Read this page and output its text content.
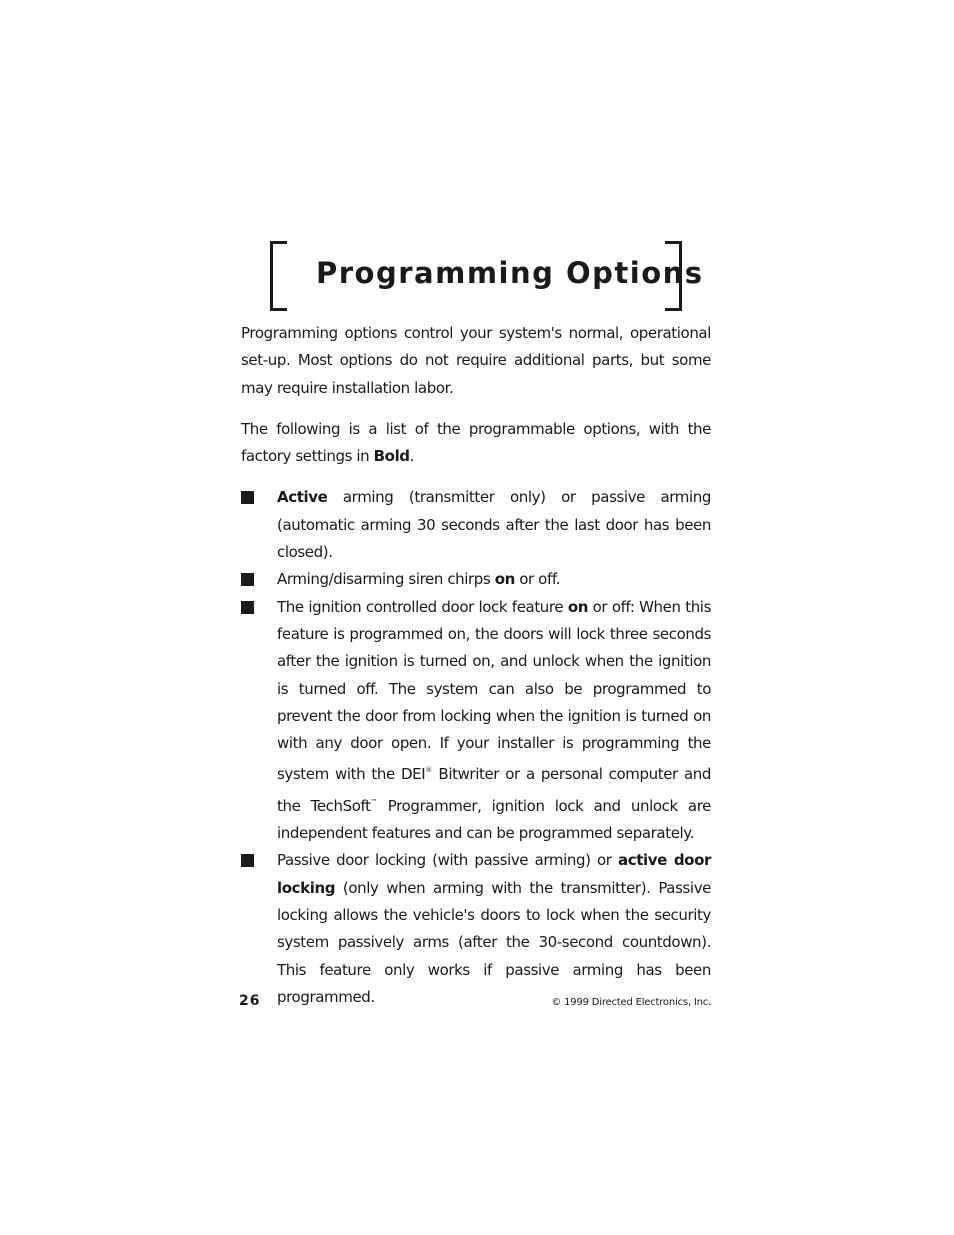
Programming Options

Programming options control your system's normal, operational set-up. Most options do not require additional parts, but some may require installation labor.

The following is a list of the programmable options, with the factory settings in Bold.

Active arming (transmitter only) or passive arming (automatic arming 30 seconds after the last door has been closed).
Arming/disarming siren chirps on or off.
The ignition controlled door lock feature on or off: When this feature is programmed on, the doors will lock three seconds after the ignition is turned on, and unlock when the ignition is turned off. The system can also be programmed to prevent the door from locking when the ignition is turned on with any door open. If your installer is programming the system with the DEI® Bitwriter or a personal computer and the TechSoft™ Programmer, ignition lock and unlock are independent features and can be programmed separately.
Passive door locking (with passive arming) or active door locking (only when arming with the transmitter). Passive locking allows the vehicle's doors to lock when the security system passively arms (after the 30-second countdown). This feature only works if passive arming has been programmed.

26	© 1999 Directed Electronics, Inc.
